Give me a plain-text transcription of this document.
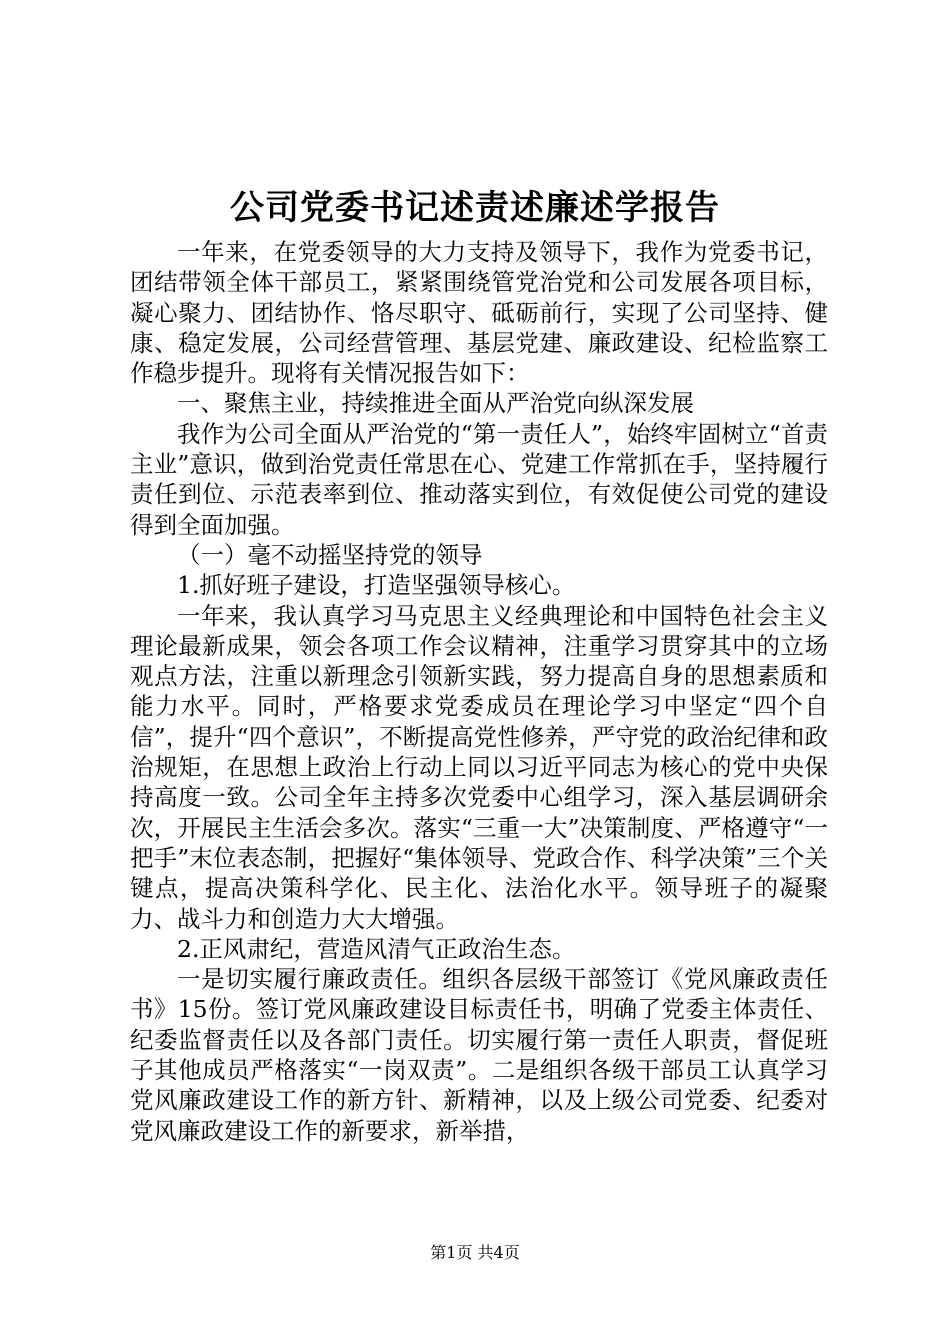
公司党委书记述责述廉述学报告

一年来，在党委领导的大力支持及领导下，我作为党委书记，团结带领全体干部员工，紧紧围绕管党治党和公司发展各项目标，凝心聚力、团结协作、恪尽职守、砥砺前行，实现了公司坚持、健康、稳定发展，公司经营管理、基层党建、廉政建设、纪检监察工作稳步提升。现将有关情况报告如下：

一、聚焦主业，持续推进全面从严治党向纵深发展

我作为公司全面从严治党的“第一责任人”，始终牢固树立“首责主业”意识，做到治党责任常思在心、党建工作常抓在手，坚持履行责任到位、示范表率到位、推动落实到位，有效促使公司党的建设得到全面加强。

（一）毫不动摇坚持党的领导

1.抓好班子建设，打造坚强领导核心。

一年来，我认真学习马克思主义经典理论和中国特色社会主义理论最新成果，领会各项工作会议精神，注重学习贯穿其中的立场观点方法，注重以新理念引领新实践，努力提高自身的思想素质和能力水平。同时，严格要求党委成员在理论学习中坚定“四个自信”，提升“四个意识”，不断提高党性修养，严守党的政治纪律和政治规矩，在思想上政治上行动上同以习近平同志为核心的党中央保持高度一致。公司全年主持多次党委中心组学习，深入基层调研余次，开展民主生活会多次。落实“三重一大”决策制度、严格遵守“一把手”末位表态制，把握好“集体领导、党政合作、科学决策”三个关键点，提高决策科学化、民主化、法治化水平。领导班子的凝聚力、战斗力和创造力大大增强。

2.正风肃纪，营造风清气正政治生态。

一是切实履行廉政责任。组织各层级干部签订《党风廉政责任书》15份。签订党风廉政建设目标责任书，明确了党委主体责任、纪委监督责任以及各部门责任。切实履行第一责任人职责，督促班子其他成员严格落实“一岗双责”。二是组织各级干部员工认真学习党风廉政建设工作的新方针、新精神，以及上级公司党委、纪委对党风廉政建设工作的新要求，新举措，

第1页 共4页
